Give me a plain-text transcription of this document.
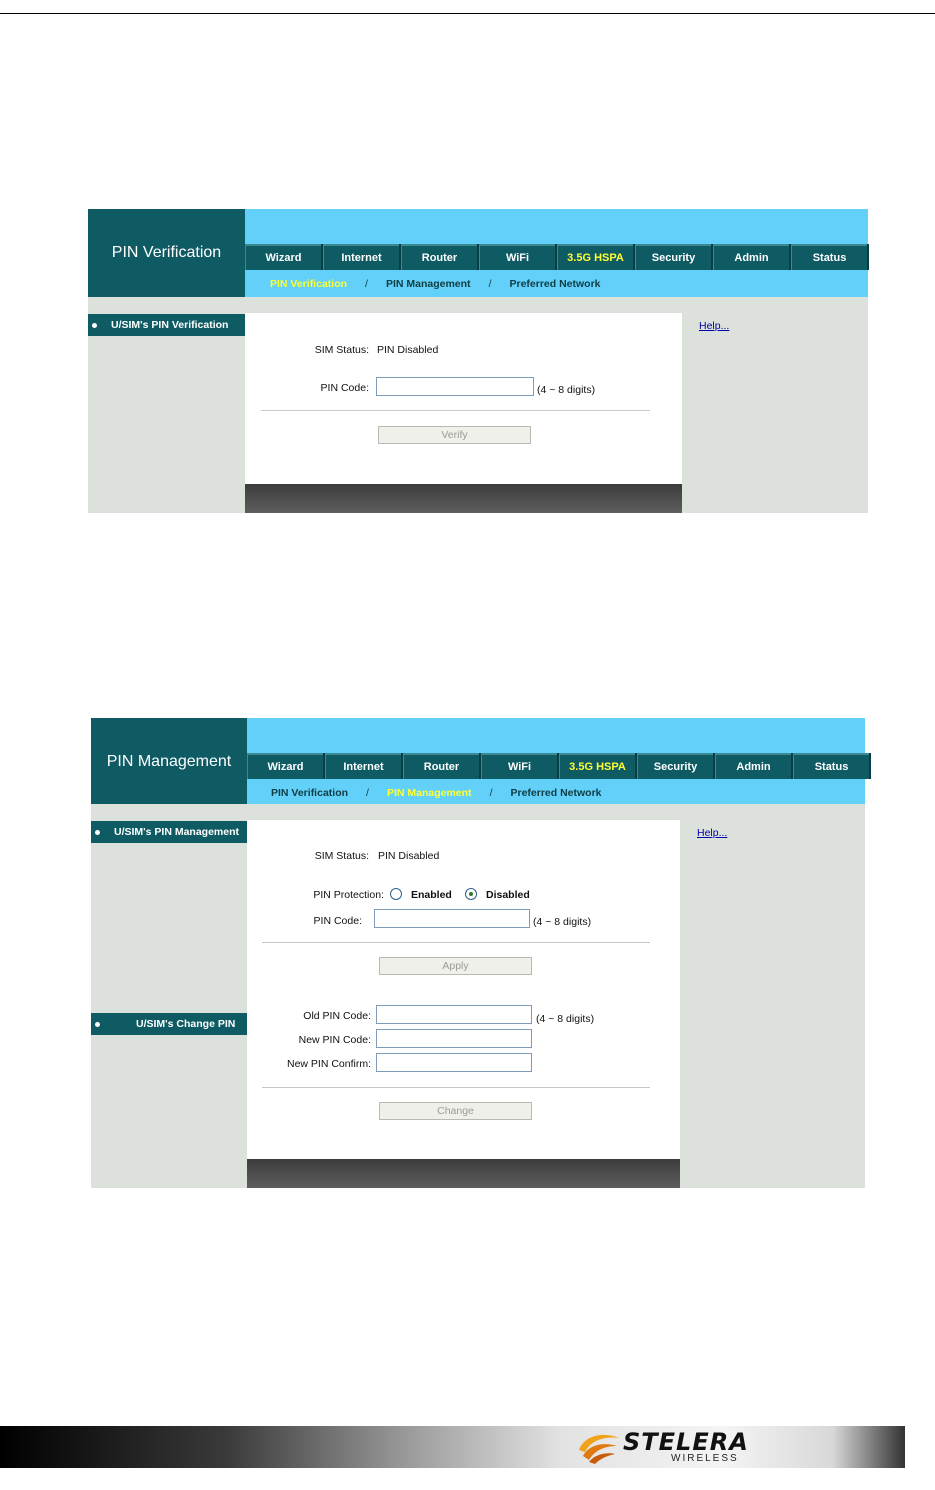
PIN Verification	Wizard	Internet	Router	WiFi	3.5G HSPA	Security	Admin	Status
PIN Verification / PIN Management / Preferred Network
U/SIM's PIN Verification
SIM Status: PIN Disabled
PIN Code:	(4 ~ 8 digits)
Verify
Help...
PIN Management	Wizard	Internet	Router	WiFi	3.5G HSPA	Security	Admin	Status
PIN Verification / PIN Management / Preferred Network
U/SIM's PIN Management
U/SIM's Change PIN
SIM Status: PIN Disabled
PIN Protection:	Enabled	Disabled
PIN Code:	(4 ~ 8 digits)
Apply
Old PIN Code:	(4 ~ 8 digits)
New PIN Code:
New PIN Confirm:
Change
Help...
STELERA
WIRELESS
